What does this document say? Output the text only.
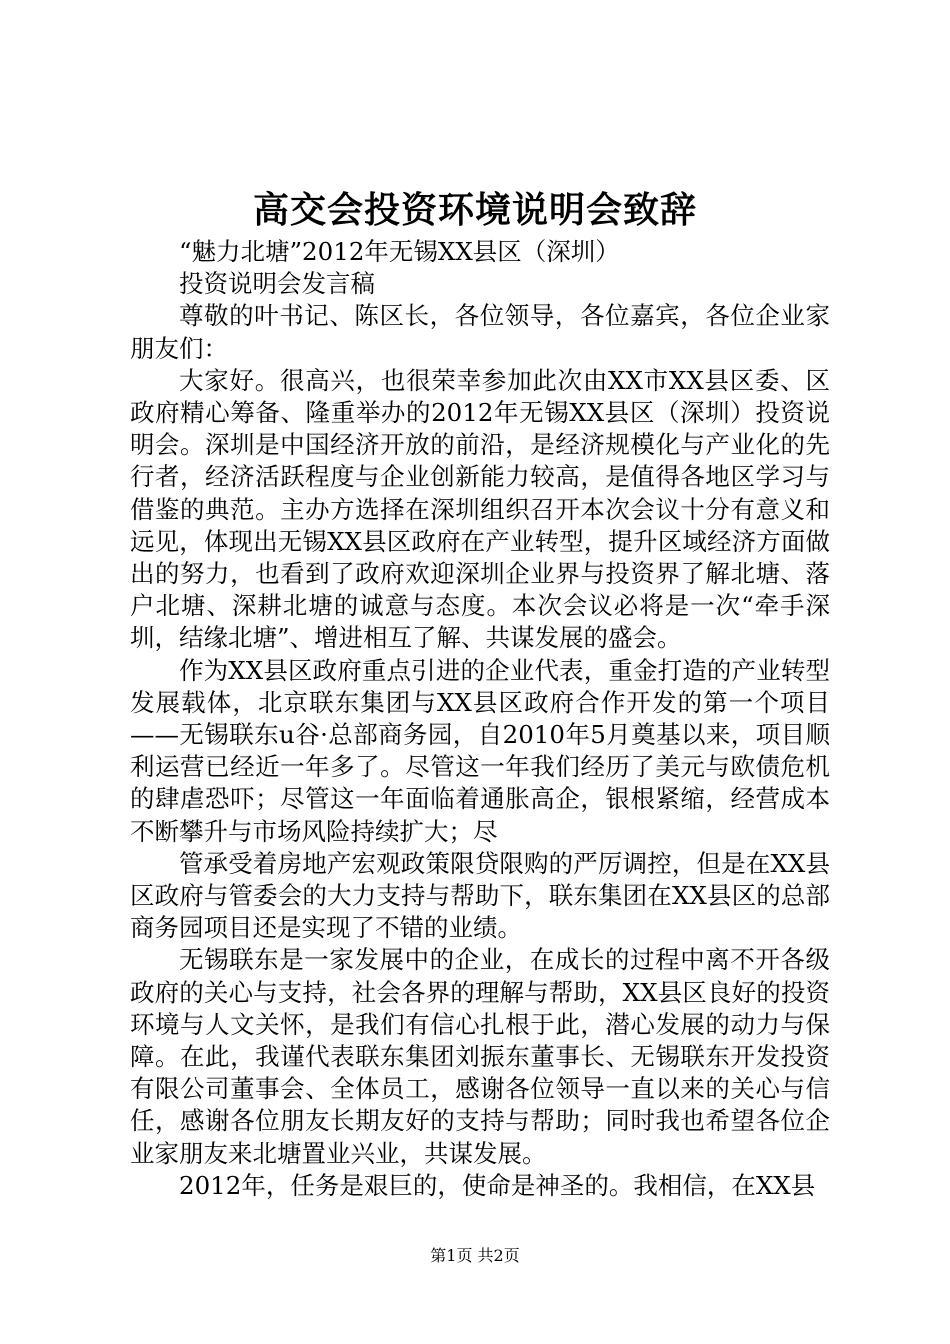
高交会投资环境说明会致辞

“魅力北塘”2012年无锡XX县区（深圳）

投资说明会发言稿

尊敬的叶书记、陈区长，各位领导，各位嘉宾，各位企业家朋友们：

大家好。很高兴，也很荣幸参加此次由XX市XX县区委、区政府精心筹备、隆重举办的2012年无锡XX县区（深圳）投资说明会。深圳是中国经济开放的前沿，是经济规模化与产业化的先行者，经济活跃程度与企业创新能力较高，是值得各地区学习与借鉴的典范。主办方选择在深圳组织召开本次会议十分有意义和远见，体现出无锡XX县区政府在产业转型，提升区域经济方面做出的努力，也看到了政府欢迎深圳企业界与投资界了解北塘、落户北塘、深耕北塘的诚意与态度。本次会议必将是一次“牵手深圳，结缘北塘”、增进相互了解、共谋发展的盛会。

作为XX县区政府重点引进的企业代表，重金打造的产业转型发展载体，北京联东集团与XX县区政府合作开发的第一个项目——无锡联东u谷·总部商务园，自2010年5月奠基以来，项目顺利运营已经近一年多了。尽管这一年我们经历了美元与欧债危机的肆虐恐吓；尽管这一年面临着通胀高企，银根紧缩，经营成本不断攀升与市场风险持续扩大；尽

管承受着房地产宏观政策限贷限购的严厉调控，但是在XX县区政府与管委会的大力支持与帮助下，联东集团在XX县区的总部商务园项目还是实现了不错的业绩。

无锡联东是一家发展中的企业，在成长的过程中离不开各级政府的关心与支持，社会各界的理解与帮助，XX县区良好的投资环境与人文关怀，是我们有信心扎根于此，潜心发展的动力与保障。在此，我谨代表联东集团刘振东董事长、无锡联东开发投资有限公司董事会、全体员工，感谢各位领导一直以来的关心与信任，感谢各位朋友长期友好的支持与帮助；同时我也希望各位企业家朋友来北塘置业兴业，共谋发展。

2012年，任务是艰巨的，使命是神圣的。我相信，在XX县

第1页 共2页
